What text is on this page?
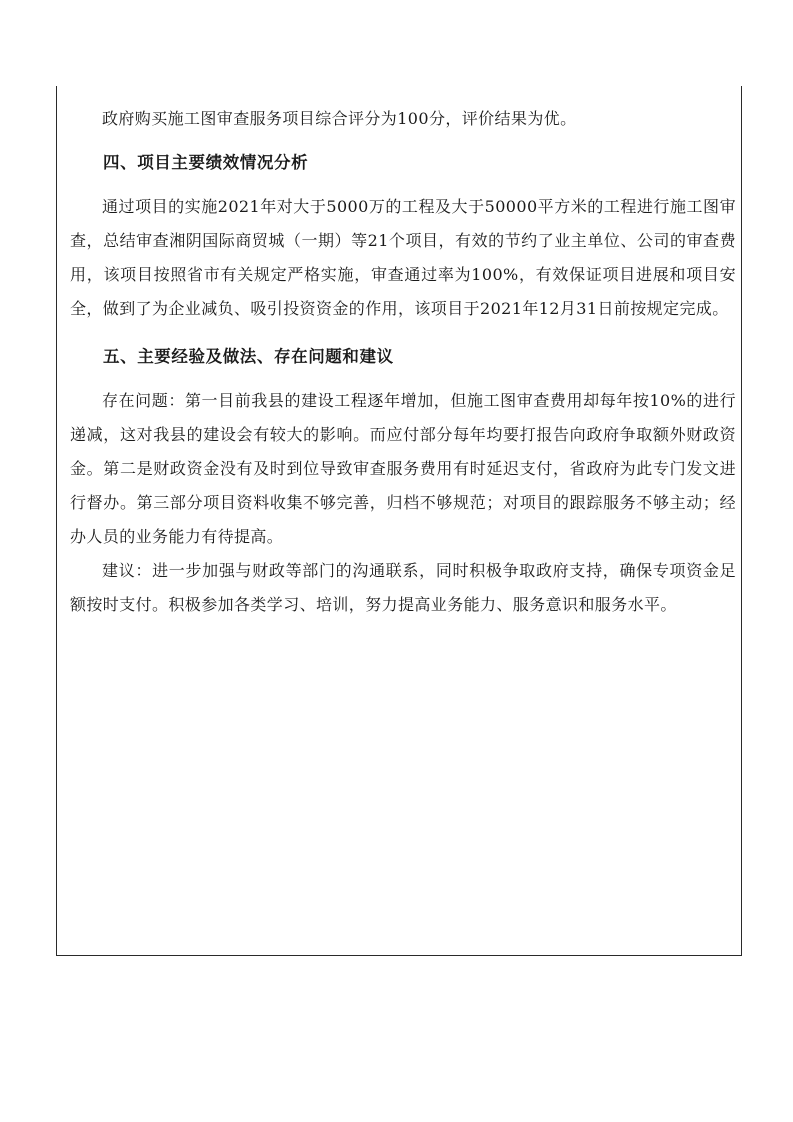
政府购买施工图审查服务项目综合评分为100分，评价结果为优。

四、项目主要绩效情况分析

通过项目的实施2021年对大于5000万的工程及大于50000平方米的工程进行施工图审查，总结审查湘阴国际商贸城（一期）等21个项目，有效的节约了业主单位、公司的审查费用，该项目按照省市有关规定严格实施，审查通过率为100%，有效保证项目进展和项目安全，做到了为企业减负、吸引投资资金的作用，该项目于2021年12月31日前按规定完成。

五、主要经验及做法、存在问题和建议

存在问题：第一目前我县的建设工程逐年增加，但施工图审查费用却每年按10%的进行递减，这对我县的建设会有较大的影响。而应付部分每年均要打报告向政府争取额外财政资金。第二是财政资金没有及时到位导致审查服务费用有时延迟支付，省政府为此专门发文进行督办。第三部分项目资料收集不够完善，归档不够规范；对项目的跟踪服务不够主动；经办人员的业务能力有待提高。

建议：进一步加强与财政等部门的沟通联系，同时积极争取政府支持，确保专项资金足额按时支付。积极参加各类学习、培训，努力提高业务能力、服务意识和服务水平。
